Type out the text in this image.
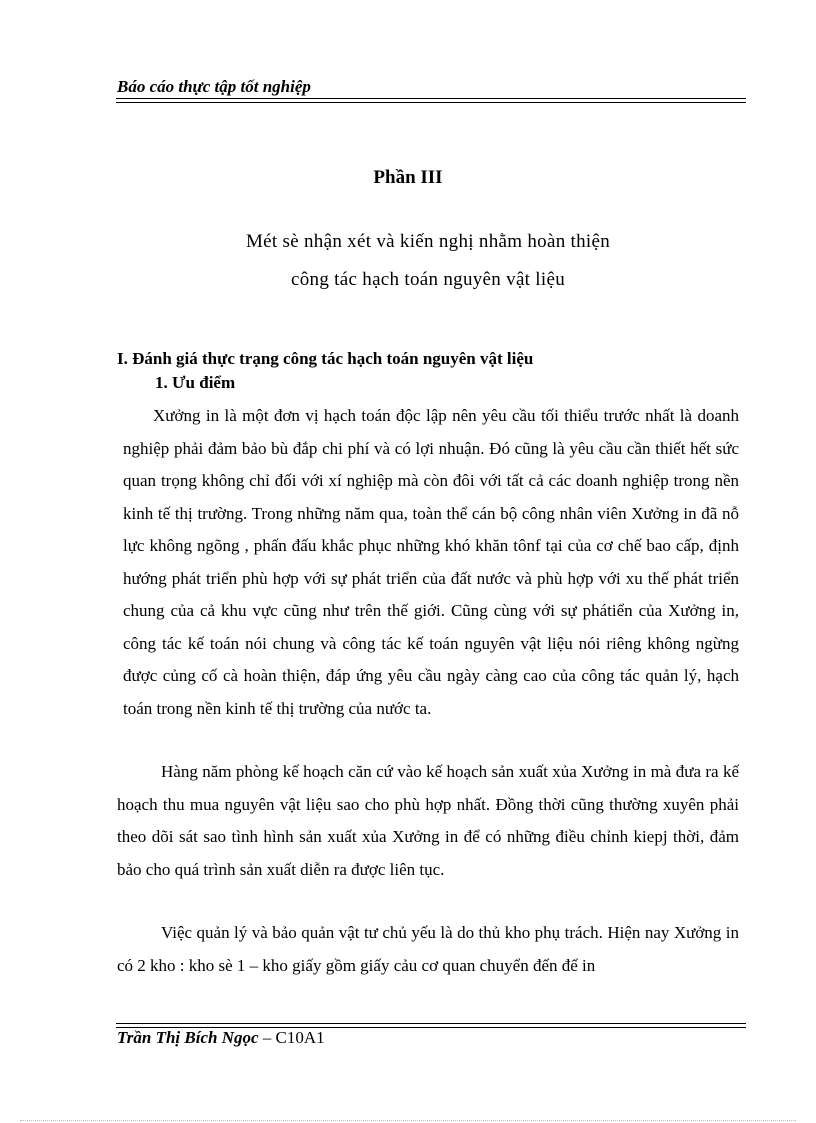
Báo cáo thực tập tốt nghiệp
Phần III
Mét sè nhận xét và kiến nghị nhằm hoàn thiện
công tác hạch toán nguyên vật liệu
I. Đánh giá thực trạng công tác hạch toán nguyên vật liệu
1. Ưu điểm
Xưởng in là một đơn vị hạch toán độc lập nên yêu cầu tối thiểu trước nhất là doanh nghiệp phải đảm bảo bù đắp chi phí và có lợi nhuận. Đó cũng là yêu cầu cần thiết hết sức quan trọng không chỉ đối với xí nghiệp mà còn đôi với tất cả các doanh nghiệp trong nền kinh tế thị trường. Trong những năm qua, toàn thể cán bộ công nhân viên Xưởng in đã nỗ lực không ngõng , phấn đấu khắc phục những khó khăn tônf tại của cơ chế bao cấp, định hướng phát triển phù hợp với sự phát triển của đất nước và phù hợp với xu thế phát triển chung của cả khu vực cũng như trên thế giới. Cũng cùng với sự phátiển của Xưởng in, công tác kế toán nói chung và công tác kế toán nguyên vật liệu nói riêng không ngừng được củng cố cà hoàn thiện, đáp ứng yêu cầu ngày càng cao của công tác quản lý, hạch toán trong nền kinh tế thị trường của nước ta.
Hàng năm phòng kế hoạch căn cứ vào kế hoạch sản xuất xủa Xưởng in mà đưa ra kế hoạch thu mua nguyên vật liệu sao cho phù hợp nhất. Đồng thời cũng thường xuyên phải theo dõi sát sao tình hình sản xuất xủa Xưởng in để có những điều chỉnh kiepj thời, đảm bảo cho quá trình sản xuất diễn ra được liên tục.
Việc quản lý và bảo quản vật tư chủ yếu là do thủ kho phụ trách. Hiện nay Xưởng in có 2 kho : kho sè 1 – kho giấy gồm giấy cảu cơ quan chuyển đến để in
Trần Thị Bích Ngọc – C10A1
